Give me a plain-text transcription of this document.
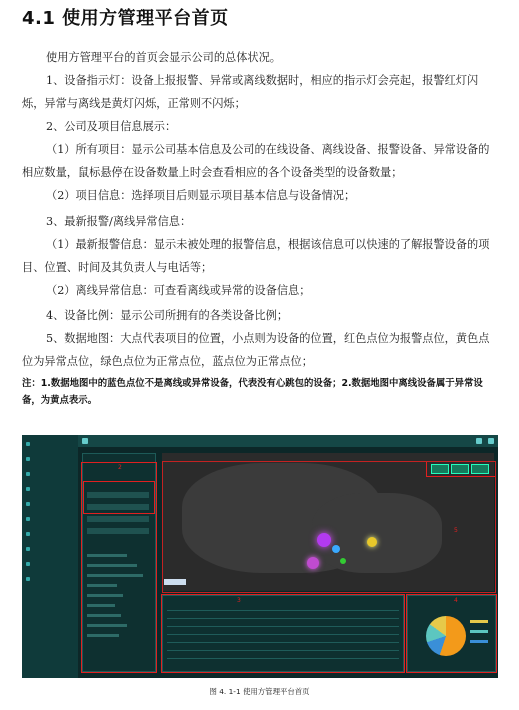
4.1 使用方管理平台首页
使用方管理平台的首页会显示公司的总体状况。
1、设备指示灯：设备上报报警、异常或离线数据时，相应的指示灯会亮起，报警红灯闪烁，异常与离线是黄灯闪烁，正常则不闪烁；
2、公司及项目信息展示：
（1）所有项目：显示公司基本信息及公司的在线设备、离线设备、报警设备、异常设备的相应数量，鼠标悬停在设备数量上时会查看相应的各个设备类型的设备数量；
（2）项目信息：选择项目后则显示项目基本信息与设备情况；
3、最新报警/离线异常信息：
（1）最新报警信息：显示未被处理的报警信息，根据该信息可以快速的了解报警设备的项目、位置、时间及其负责人与电话等；
（2）离线异常信息：可查看离线或异常的设备信息；
4、设备比例：显示公司所拥有的各类设备比例；
5、数据地图：大点代表项目的位置，小点则为设备的位置，红色点位为报警点位，黄色点位为异常点位，绿色点位为正常点位，蓝点位为正常点位；
注：1.数据地图中的蓝色点位不是离线或异常设备，代表没有心跳包的设备；2.数据地图中离线设备属于异常设备，为黄点表示。
2
5
3	4
图 4. 1-1 使用方管理平台首页
